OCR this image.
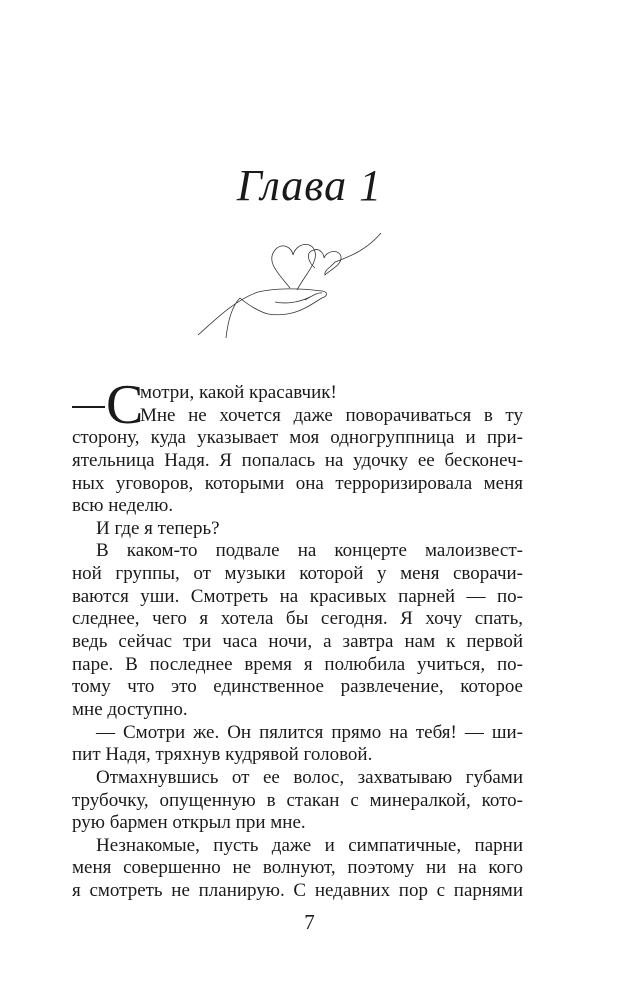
Глава 1
С
мотри, какой красавчик!
Мне не хочется даже поворачиваться в ту
сторону, куда указывает моя одногруппница и при-
ятельница Надя. Я попалась на удочку ее бесконеч-
ных уговоров, которыми она терроризировала меня
всю неделю.
И где я теперь?
В каком-то подвале на концерте малоизвест-
ной группы, от музыки которой у меня сворачи-
ваются уши. Смотреть на красивых парней — по-
следнее, чего я хотела бы сегодня. Я хочу спать,
ведь сейчас три часа ночи, а завтра нам к первой
паре. В последнее время я полюбила учиться, по-
тому что это единственное развлечение, которое
мне доступно.
— Смотри же. Он пялится прямо на тебя! — ши-
пит Надя, тряхнув кудрявой головой.
Отмахнувшись от ее волос, захватываю губами
трубочку, опущенную в стакан с минералкой, кото-
рую бармен открыл при мне.
Незнакомые, пусть даже и симпатичные, парни
меня совершенно не волнуют, поэтому ни на кого
я смотреть не планирую. С недавних пор с парнями
7
